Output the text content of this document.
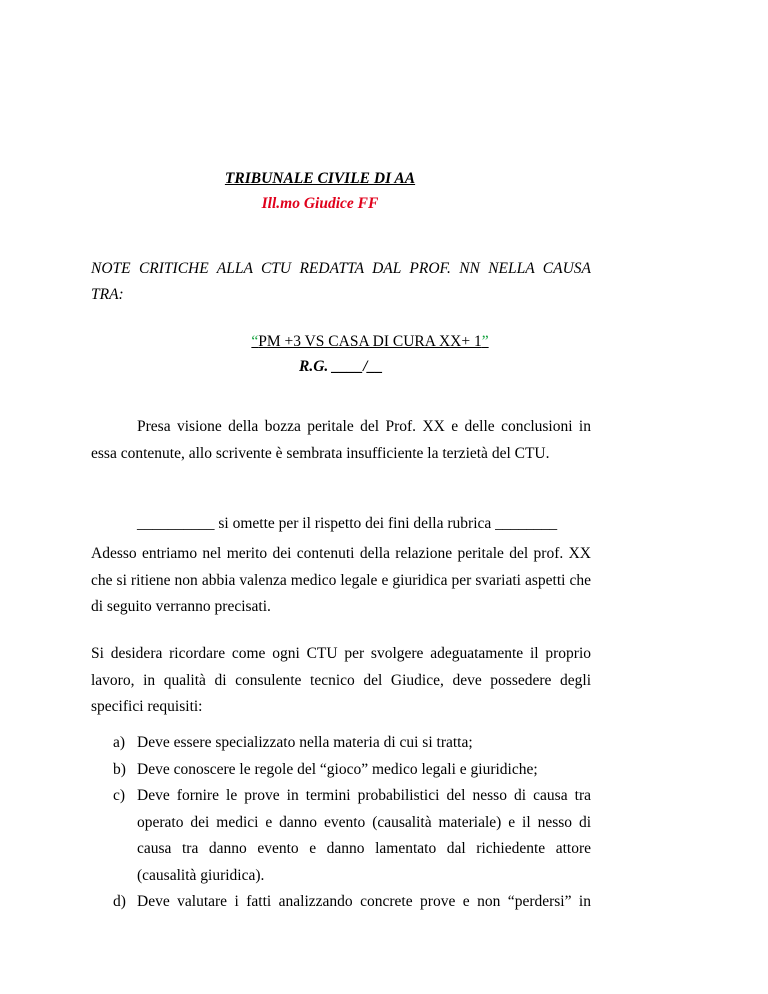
TRIBUNALE CIVILE DI AA
Ill.mo Giudice FF
NOTE CRITICHE ALLA CTU REDATTA DAL PROF. NN NELLA CAUSA
TRA:
“PM +3 VS CASA DI CURA XX+ 1”
R.G. ____/__
Presa visione della bozza peritale del Prof. XX e delle conclusioni in
essa contenute, allo scrivente è sembrata insufficiente la terzietà del CTU.
__________ si omette per il rispetto dei fini della rubrica ________
Adesso entriamo nel merito dei contenuti della relazione peritale del prof. XX
che si ritiene non abbia valenza medico legale e giuridica per svariati aspetti che
di seguito verranno precisati.
Si desidera ricordare come ogni CTU per svolgere adeguatamente il proprio
lavoro, in qualità di consulente tecnico del Giudice, deve possedere degli
specifici requisiti:
a) Deve essere specializzato nella materia di cui si tratta;
b) Deve conoscere le regole del “gioco” medico legali e giuridiche;
c) Deve fornire le prove in termini probabilistici del nesso di causa tra
operato dei medici e danno evento (causalità materiale) e il nesso di
causa tra danno evento e danno lamentato dal richiedente attore
(causalità giuridica).
d) Deve valutare i fatti analizzando concrete prove e non “perdersi” in
